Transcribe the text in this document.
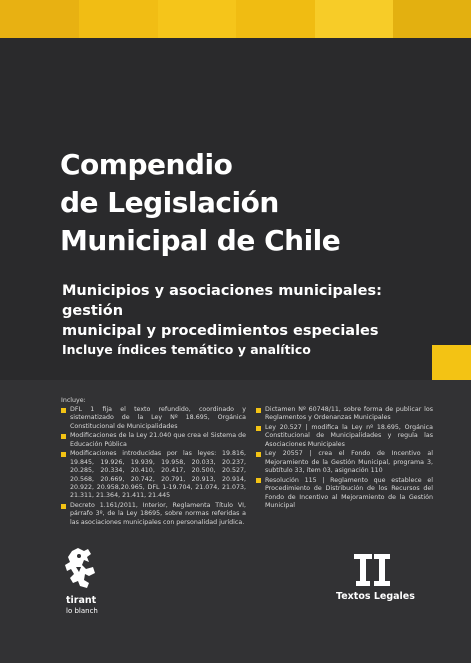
Compendio
de Legislación
Municipal de Chile
Municipios y asociaciones municipales: gestión
municipal y procedimientos especiales
Incluye índices temático y analítico
Incluye:
DFL 1 fija el texto refundido, coordinado y sistematizado de la Ley Nº 18.695, Orgánica Constitucional de Municipalidades
Modificaciones de la Ley 21.040 que crea el Sistema de Educación Pública
Modificaciones introducidas por las leyes: 19.816, 19.845, 19.926, 19.939, 19.958, 20.033, 20.237, 20.285, 20.334, 20.410, 20.417, 20.500, 20.527, 20.568, 20.669, 20.742, 20.791, 20.913, 20.914, 20.922, 20.958,20.965, DFL 1-19.704, 21.074, 21.073, 21.311, 21.364, 21.411, 21.445
Decreto 1.161/2011, Interior, Reglamenta Título VI, párrafo 3º, de la Ley 18695, sobre normas referidas a las asociaciones municipales con personalidad jurídica.
Dictamen Nº 60748/11, sobre forma de publicar los Reglamentos y Ordenanzas Municipales
Ley 20.527 | modifica la Ley nº 18.695, Orgánica Constitucional de Municipalidades y regula las Asociaciones Municipales
Ley 20557 | crea el Fondo de Incentivo al Mejoramiento de la Gestión Municipal, programa 3, subtítulo 33, ítem 03, asignación 110
Resolución 115 | Reglamento que establece el Procedimiento de Distribución de los Recursos del Fondo de Incentivo al Mejoramiento de la Gestión Municipal
tirant
lo blanch
Textos Legales
